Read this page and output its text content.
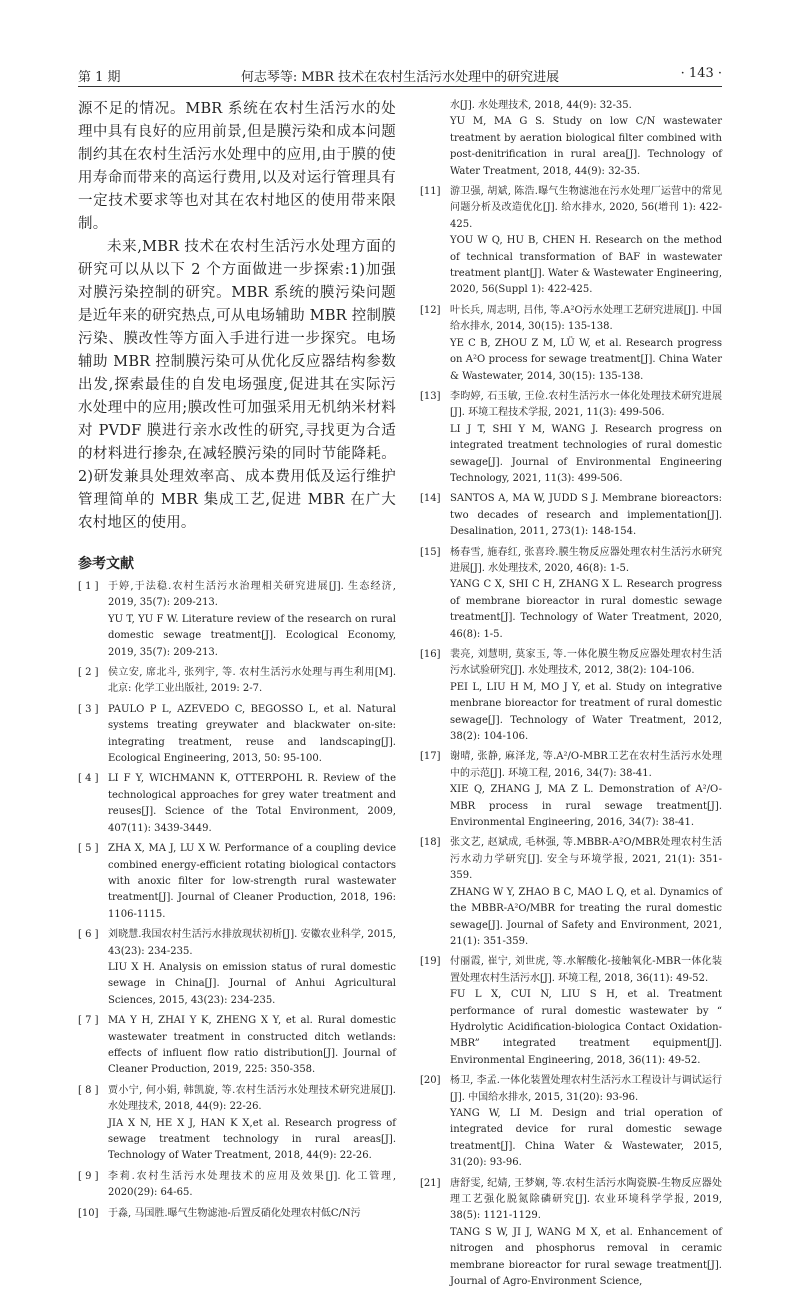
第 1 期	何志琴等: MBR 技术在农村生活污水处理中的研究进展	· 143 ·

源不足的情况。MBR 系统在农村生活污水的处理中具有良好的应用前景,但是膜污染和成本问题制约其在农村生活污水处理中的应用,由于膜的使用寿命而带来的高运行费用,以及对运行管理具有一定技术要求等也对其在农村地区的使用带来限制。

未来,MBR 技术在农村生活污水处理方面的研究可以从以下 2 个方面做进一步探索:1)加强对膜污染控制的研究。MBR 系统的膜污染问题是近年来的研究热点,可从电场辅助 MBR 控制膜污染、膜改性等方面入手进行进一步探究。电场辅助 MBR 控制膜污染可从优化反应器结构参数出发,探索最佳的自发电场强度,促进其在实际污水处理中的应用;膜改性可加强采用无机纳米材料对 PVDF 膜进行亲水改性的研究,寻找更为合适的材料进行掺杂,在减轻膜污染的同时节能降耗。2)研发兼具处理效率高、成本费用低及运行维护管理简单的 MBR 集成工艺,促进 MBR 在广大农村地区的使用。

参考文献
[ 1 ] 于婷,于法稳.农村生活污水治理相关研究进展[J]. 生态经济, 2019, 35(7): 209-213.
YU T, YU F W. Literature review of the research on rural domestic sewage treatment[J]. Ecological Economy, 2019, 35(7): 209-213.
[ 2 ] 侯立安, 席北斗, 张列宇, 等. 农村生活污水处理与再生利用[M]. 北京: 化学工业出版社, 2019: 2-7.
[ 3 ] PAULO P L, AZEVEDO C, BEGOSSO L, et al. Natural systems treating greywater and blackwater on-site: integrating treatment, reuse and landscaping[J]. Ecological Engineering, 2013, 50: 95-100.
[ 4 ] LI F Y, WICHMANN K, OTTERPOHL R. Review of the technological approaches for grey water treatment and reuses[J]. Science of the Total Environment, 2009, 407(11): 3439-3449.
[ 5 ] ZHA X, MA J, LU X W. Performance of a coupling device combined energy-efficient rotating biological contactors with anoxic filter for low-strength rural wastewater treatment[J]. Journal of Cleaner Production, 2018, 196: 1106-1115.
[ 6 ] 刘晓慧.我国农村生活污水排放现状初析[J]. 安徽农业科学, 2015, 43(23): 234-235.
LIU X H. Analysis on emission status of rural domestic sewage in China[J]. Journal of Anhui Agricultural Sciences, 2015, 43(23): 234-235.
[ 7 ] MA Y H, ZHAI Y K, ZHENG X Y, et al. Rural domestic wastewater treatment in constructed ditch wetlands: effects of influent flow ratio distribution[J]. Journal of Cleaner Production, 2019, 225: 350-358.
[ 8 ] 贾小宁, 何小娟, 韩凯旋, 等.农村生活污水处理技术研究进展[J]. 水处理技术, 2018, 44(9): 22-26.
JIA X N, HE X J, HAN K X,et al. Research progress of sewage treatment technology in rural areas[J]. Technology of Water Treatment, 2018, 44(9): 22-26.
[ 9 ] 李莉.农村生活污水处理技术的应用及效果[J]. 化工管理, 2020(29): 64-65.
[10] 于淼, 马国胜.曝气生物滤池-后置反硝化处理农村低C/N污
水[J]. 水处理技术, 2018, 44(9): 32-35.
YU M, MA G S. Study on low C/N wastewater treatment by aeration biological filter combined with post-denitrification in rural area[J]. Technology of Water Treatment, 2018, 44(9): 32-35.
[11] 游卫强, 胡斌, 陈浩.曝气生物滤池在污水处理厂运营中的常见问题分析及改造优化[J]. 给水排水, 2020, 56(增刊 1): 422-425.
YOU W Q, HU B, CHEN H. Research on the method of technical transformation of BAF in wastewater treatment plant[J]. Water & Wastewater Engineering, 2020, 56(Suppl 1): 422-425.
[12] 叶长兵, 周志明, 吕伟, 等.A²O污水处理工艺研究进展[J]. 中国给水排水, 2014, 30(15): 135-138.
YE C B, ZHOU Z M, LÜ W, et al. Research progress on A²O process for sewage treatment[J]. China Water & Wastewater, 2014, 30(15): 135-138.
[13] 李昀婷, 石玉敏, 王俭.农村生活污水一体化处理技术研究进展[J]. 环境工程技术学报, 2021, 11(3): 499-506.
LI J T, SHI Y M, WANG J. Research progress on integrated treatment technologies of rural domestic sewage[J]. Journal of Environmental Engineering Technology, 2021, 11(3): 499-506.
[14] SANTOS A, MA W, JUDD S J. Membrane bioreactors: two decades of research and implementation[J]. Desalination, 2011, 273(1): 148-154.
[15] 杨春雪, 施春红, 张喜玲.膜生物反应器处理农村生活污水研究进展[J]. 水处理技术, 2020, 46(8): 1-5.
YANG C X, SHI C H, ZHANG X L. Research progress of membrane bioreactor in rural domestic sewage treatment[J]. Technology of Water Treatment, 2020, 46(8): 1-5.
[16] 裴亮, 刘慧明, 莫家玉, 等.一体化膜生物反应器处理农村生活污水试验研究[J]. 水处理技术, 2012, 38(2): 104-106.
PEI L, LIU H M, MO J Y, et al. Study on integrative menbrane bioreactor for treatment of rural domestic sewage[J]. Technology of Water Treatment, 2012, 38(2): 104-106.
[17] 谢晴, 张静, 麻泽龙, 等.A²/O-MBR工艺在农村生活污水处理中的示范[J]. 环境工程, 2016, 34(7): 38-41.
XIE Q, ZHANG J, MA Z L. Demonstration of A²/O-MBR process in rural sewage treatment[J]. Environmental Engineering, 2016, 34(7): 38-41.
[18] 张文艺, 赵斌成, 毛林强, 等.MBBR-A²O/MBR处理农村生活污水动力学研究[J]. 安全与环境学报, 2021, 21(1): 351-359.
ZHANG W Y, ZHAO B C, MAO L Q, et al. Dynamics of the MBBR-A²O/MBR for treating the rural domestic sewage[J]. Journal of Safety and Environment, 2021, 21(1): 351-359.
[19] 付丽霞, 崔宁, 刘世虎, 等.水解酸化-接触氧化-MBR一体化装置处理农村生活污水[J]. 环境工程, 2018, 36(11): 49-52.
FU L X, CUI N, LIU S H, et al. Treatment performance of rural domestic wastewater by “ Hydrolytic Acidification-biologica Contact Oxidation-MBR” integrated treatment equipment[J]. Environmental Engineering, 2018, 36(11): 49-52.
[20] 杨卫, 李孟.一体化装置处理农村生活污水工程设计与调试运行[J]. 中国给水排水, 2015, 31(20): 93-96.
YANG W, LI M. Design and trial operation of integrated device for rural domestic sewage treatment[J]. China Water & Wastewater, 2015, 31(20): 93-96.
[21] 唐舒雯, 纪婧, 王梦娴, 等.农村生活污水陶瓷膜-生物反应器处理工艺强化脱氮除磷研究[J]. 农业环境科学学报, 2019, 38(5): 1121-1129.
TANG S W, JI J, WANG M X, et al. Enhancement of nitrogen and phosphorus removal in ceramic membrane bioreactor for rural sewage treatment[J]. Journal of Agro-Environment Science,
